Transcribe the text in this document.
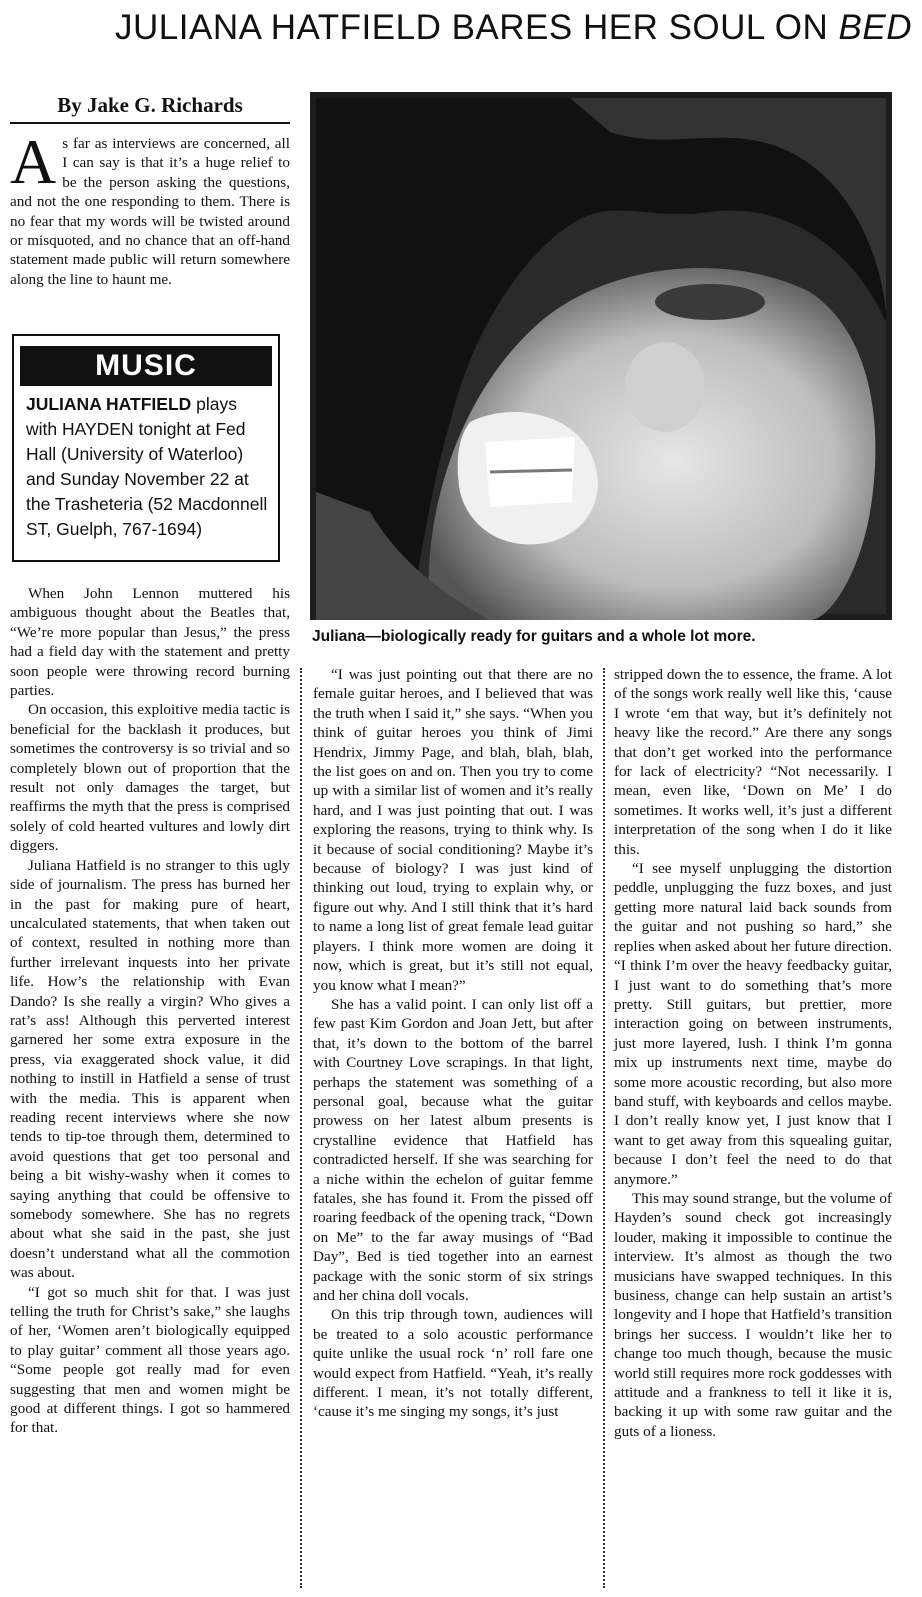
JULIANA HATFIELD BARES HER SOUL ON BED
By Jake G. Richards
A s far as interviews are concerned, all I can say is that it’s a huge relief to be the person asking the questions, and not the one responding to them. There is no fear that my words will be twisted around or misquoted, and no chance that an off-hand statement made public will return somewhere along the line to haunt me.
MUSIC
JULIANA HATFIELD plays with HAYDEN tonight at Fed Hall (University of Waterloo) and Sunday November 22 at the Trasheteria (52 Macdonnell ST, Guelph, 767-1694)
Juliana—biologically ready for guitars and a whole lot more.

When John Lennon muttered his ambiguous thought about the Beatles that, “We’re more popular than Jesus,” the press had a field day with the statement and pretty soon people were throwing record burning parties.

On occasion, this exploitive media tactic is beneficial for the backlash it produces, but sometimes the controversy is so trivial and so completely blown out of proportion that the result not only damages the target, but reaffirms the myth that the press is comprised solely of cold hearted vultures and lowly dirt diggers.

Juliana Hatfield is no stranger to this ugly side of journalism. The press has burned her in the past for making pure of heart, uncalculated statements, that when taken out of context, resulted in nothing more than further irrelevant inquests into her private life. How’s the relationship with Evan Dando? Is she really a virgin? Who gives a rat’s ass! Although this perverted interest garnered her some extra exposure in the press, via exaggerated shock value, it did nothing to instill in Hatfield a sense of trust with the media. This is apparent when reading recent interviews where she now tends to tip-toe through them, determined to avoid questions that get too personal and being a bit wishy-washy when it comes to saying anything that could be offensive to somebody somewhere. She has no regrets about what she said in the past, she just doesn’t understand what all the commotion was about.

“I got so much shit for that. I was just telling the truth for Christ’s sake,” she laughs of her, ‘Women aren’t biologically equipped to play guitar’ comment all those years ago. “Some people got really mad for even suggesting that men and women might be good at different things. I got so hammered for that.

“I was just pointing out that there are no female guitar heroes, and I believed that was the truth when I said it,” she says. “When you think of guitar heroes you think of Jimi Hendrix, Jimmy Page, and blah, blah, blah, the list goes on and on. Then you try to come up with a similar list of women and it’s really hard, and I was just pointing that out. I was exploring the reasons, trying to think why. Is it because of social conditioning? Maybe it’s because of biology? I was just kind of thinking out loud, trying to explain why, or figure out why. And I still think that it’s hard to name a long list of great female lead guitar players. I think more women are doing it now, which is great, but it’s still not equal, you know what I mean?”

She has a valid point. I can only list off a few past Kim Gordon and Joan Jett, but after that, it’s down to the bottom of the barrel with Courtney Love scrapings. In that light, perhaps the statement was something of a personal goal, because what the guitar prowess on her latest album presents is crystalline evidence that Hatfield has contradicted herself. If she was searching for a niche within the echelon of guitar femme fatales, she has found it. From the pissed off roaring feedback of the opening track, “Down on Me” to the far away musings of “Bad Day”, Bed is tied together into an earnest package with the sonic storm of six strings and her china doll vocals.

On this trip through town, audiences will be treated to a solo acoustic performance quite unlike the usual rock ‘n’ roll fare one would expect from Hatfield. “Yeah, it’s really different. I mean, it’s not totally different, ‘cause it’s me singing my songs, it’s just

stripped down the to essence, the frame. A lot of the songs work really well like this, ‘cause I wrote ‘em that way, but it’s definitely not heavy like the record.” Are there any songs that don’t get worked into the performance for lack of electricity? “Not necessarily. I mean, even like, ‘Down on Me’ I do sometimes. It works well, it’s just a different interpretation of the song when I do it like this.

“I see myself unplugging the distortion peddle, unplugging the fuzz boxes, and just getting more natural laid back sounds from the guitar and not pushing so hard,” she replies when asked about her future direction. “I think I’m over the heavy feedbacky guitar, I just want to do something that’s more pretty. Still guitars, but prettier, more interaction going on between instruments, just more layered, lush. I think I’m gonna mix up instruments next time, maybe do some more acoustic recording, but also more band stuff, with keyboards and cellos maybe. I don’t really know yet, I just know that I want to get away from this squealing guitar, because I don’t feel the need to do that anymore.”

This may sound strange, but the volume of Hayden’s sound check got increasingly louder, making it impossible to continue the interview. It’s almost as though the two musicians have swapped techniques. In this business, change can help sustain an artist’s longevity and I hope that Hatfield’s transition brings her success. I wouldn’t like her to change too much though, because the music world still requires more rock goddesses with attitude and a frankness to tell it like it is, backing it up with some raw guitar and the guts of a lioness.
